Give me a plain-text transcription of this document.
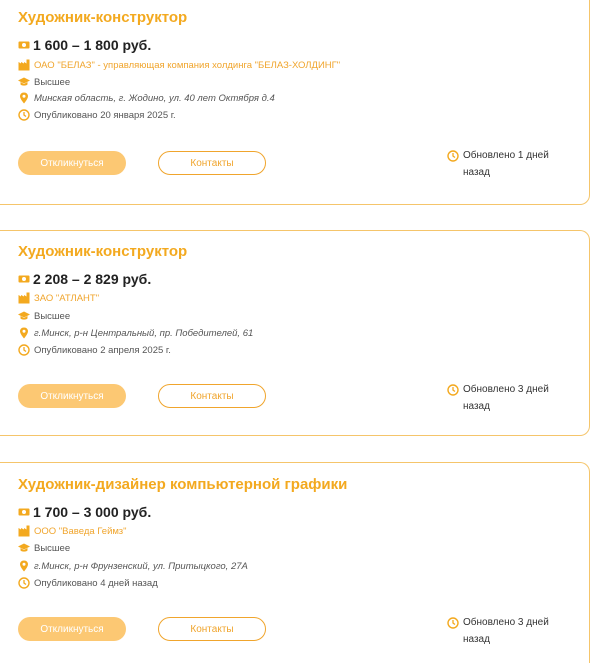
Художник-конструктор
1 600 – 1 800 руб.
ОАО "БЕЛАЗ" - управляющая компания холдинга "БЕЛАЗ-ХОЛДИНГ"
Высшее
Минская область, г. Жодино, ул. 40 лет Октября д.4
Опубликовано 20 января 2025 г.
Откликнуться	Контакты
Обновлено 1 дней назад
Художник-конструктор
2 208 – 2 829 руб.
ЗАО "АТЛАНТ"
Высшее
г.Минск, р-н Центральный, пр. Победителей, 61
Опубликовано 2 апреля 2025 г.
Откликнуться	Контакты
Обновлено 3 дней назад
Художник-дизайнер компьютерной графики
1 700 – 3 000 руб.
ООО "Ваведа Геймз"
Высшее
г.Минск, р-н Фрунзенский, ул. Притыцкого, 27А
Опубликовано 4 дней назад
Откликнуться	Контакты
Обновлено 3 дней назад
